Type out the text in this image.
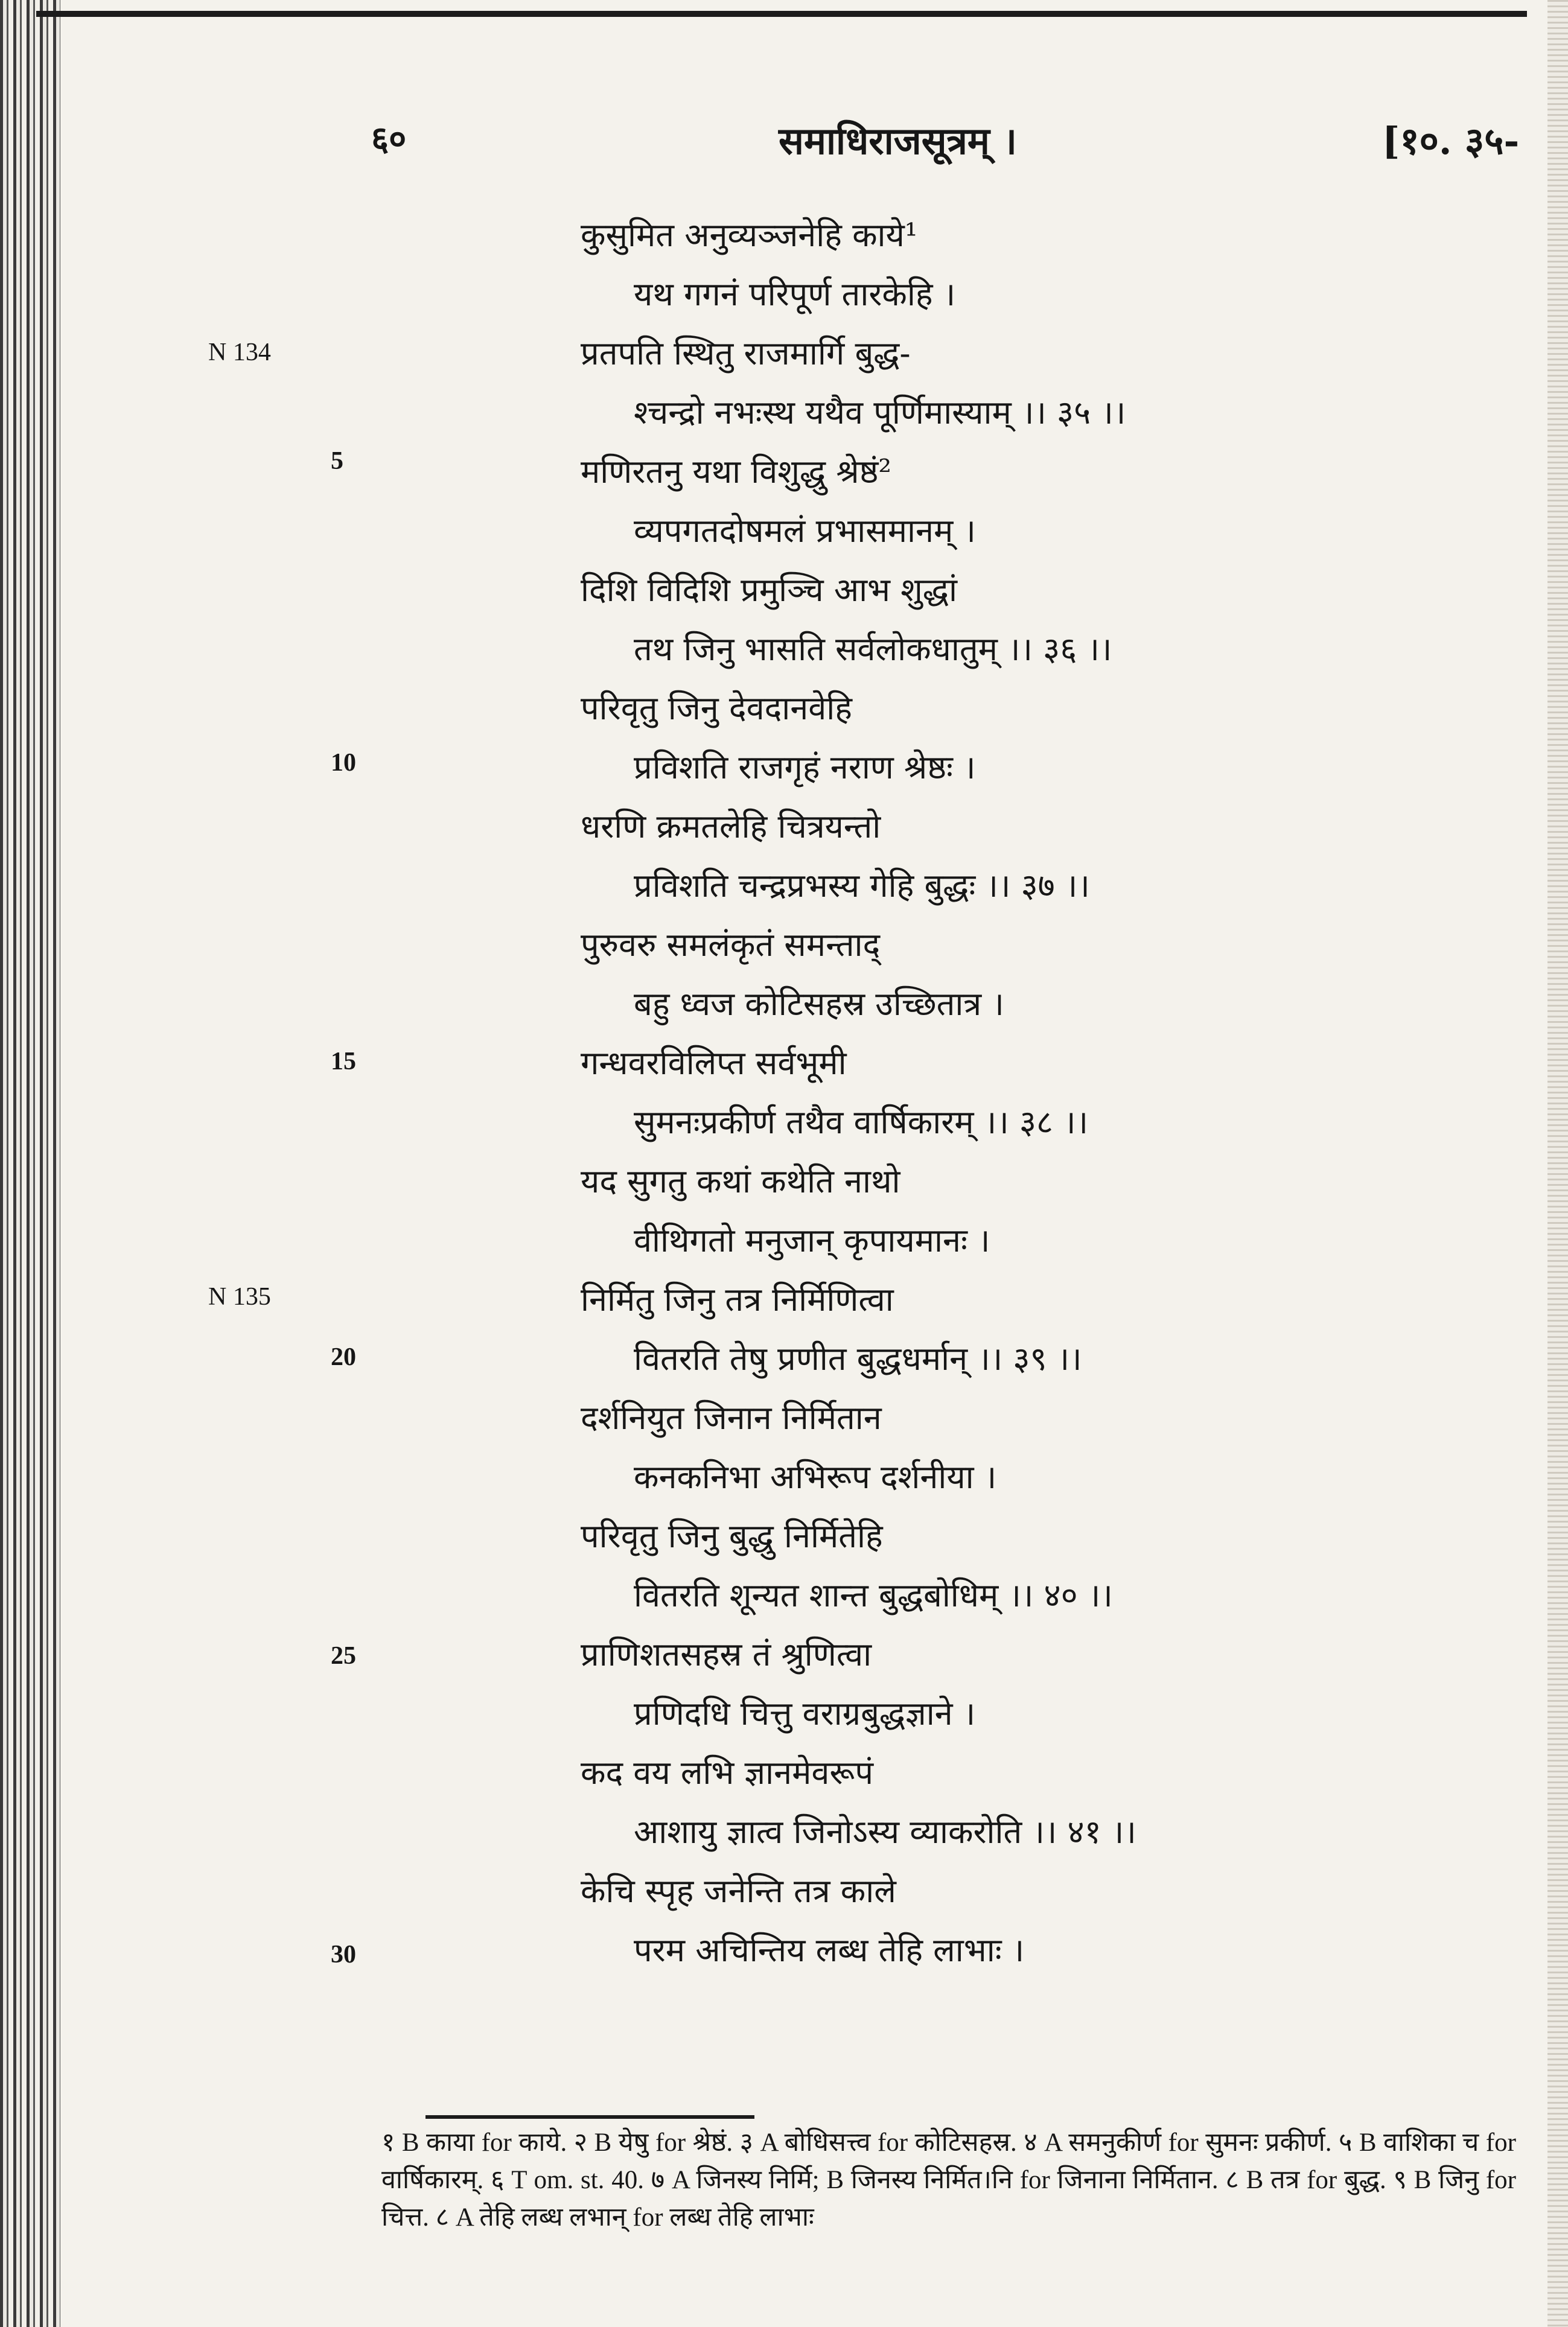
६०	समाधिराजसूत्रम् ।	[१०. ३५-
N 134
N 135
5
10
15
20
25
30
कुसुमित अनुव्यञ्जनेहि काये¹
यथ गगनं परिपूर्ण तारकेहि ।
प्रतपति स्थितु राजमार्गि बुद्ध-
श्चन्द्रो नभःस्थ यथैव पूर्णिमास्याम् ।। ३५ ।।
मणिरतनु यथा विशुद्धु श्रेष्ठं²
व्यपगतदोषमलं प्रभासमानम् ।
दिशि विदिशि प्रमुञ्चि आभ शुद्धां
तथ जिनु भासति सर्वलोकधातुम् ।। ३६ ।।
परिवृतु जिनु देवदानवेहि
प्रविशति राजगृहं नराण श्रेष्ठः ।
धरणि क्रमतलेहि चित्रयन्तो
प्रविशति चन्द्रप्रभस्य गेहि बुद्धः ।। ३७ ।।
पुरुवरु समलंकृतं समन्ताद्
बहु ध्वज कोटिसहस्र उच्छितात्र ।
गन्धवरविलिप्त सर्वभूमी
सुमनःप्रकीर्ण तथैव वार्षिकारम् ।। ३८ ।।
यद सुगतु कथां कथेति नाथो
वीथिगतो मनुजान् कृपायमानः ।
निर्मितु जिनु तत्र निर्मिणित्वा
वितरति तेषु प्रणीत बुद्धधर्मान् ।। ३९ ।।
दर्शनियुत जिनान निर्मितान
कनकनिभा अभिरूप दर्शनीया ।
परिवृतु जिनु बुद्धु निर्मितेहि
वितरति शून्यत शान्त बुद्धबोधिम् ।। ४० ।।
प्राणिशतसहस्र तं श्रुणित्वा
प्रणिदधि चित्तु वराग्रबुद्धज्ञाने ।
कद वय लभि ज्ञानमेवरूपं
आशायु ज्ञात्व जिनोऽस्य व्याकरोति ।। ४१ ।।
केचि स्पृह जनेन्ति तत्र काले
परम अचिन्तिय लब्ध तेहि लाभाः ।
१ B काया for काये. २ B येषु for श्रेष्ठं. ३ A बोधिसत्त्व for कोटिसहस्र. ४ A समनुकीर्ण for सुमनः प्रकीर्ण. ५ B वाशिका च for वार्षिकारम्. ६ T om. st. 40. ७ A जिनस्य निर्मि; B जिनस्य निर्मित।नि for जिनाना निर्मितान. ८ B तत्र for बुद्ध. ९ B जिनु for चित्त. ८ A तेहि लब्ध लभान् for लब्ध तेहि लाभाः
